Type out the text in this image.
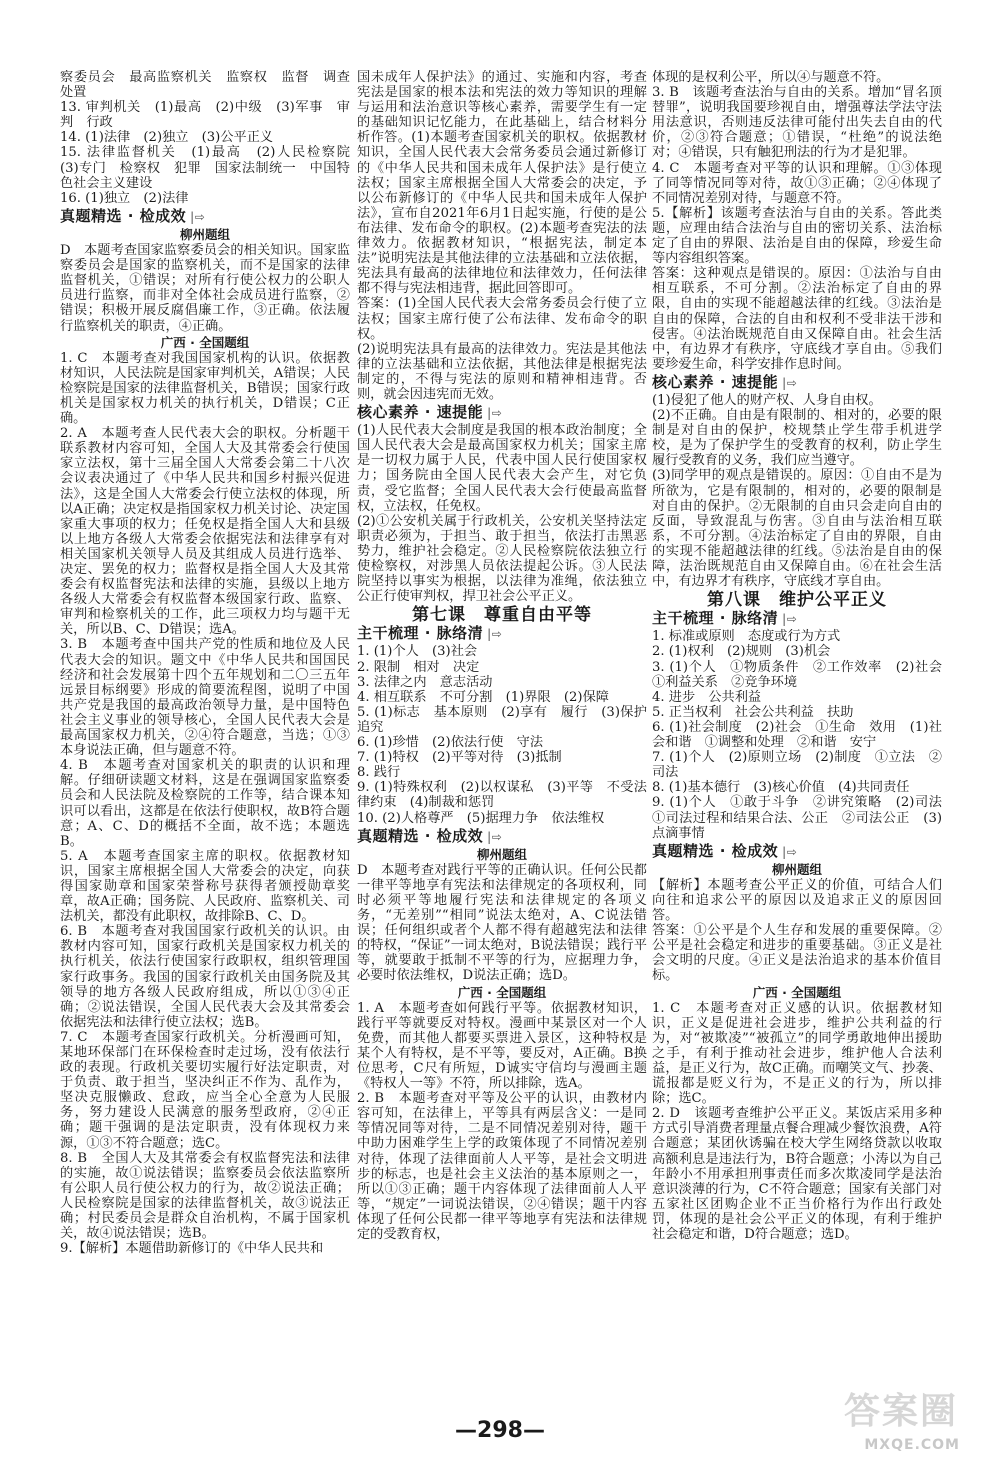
察委员会　最高监察机关　监察权　监督　调查　处置

13. 审判机关　(1)最高　(2)中级　(3)军事　审判　行政

14. (1)法律　(2)独立　(3)公平正义

15. 法律监督机关　(1)最高　(2)人民检察院　(3)专门　检察权　犯罪　国家法制统一　中国特色社会主义建设

16. (1)独立　(2)法律

真题精选 · 检成效 |⇨
柳州题组

D　本题考查国家监察委员会的相关知识。国家监察委员会是国家的监察机关，而不是国家的法律监督机关，①错误；对所有行使公权力的公职人员进行监察，而非对全体社会成员进行监察，②错误；积极开展反腐倡廉工作，③正确。依法履行监察机关的职责，④正确。

广西 · 全国题组

1. C　本题考查对我国国家机构的认识。依据教材知识，人民法院是国家审判机关，A错误；人民检察院是国家的法律监督机关，B错误；国家行政机关是国家权力机关的执行机关，D错误；C正确。

2. A　本题考查人民代表大会的职权。分析题干联系教材内容可知，全国人大及其常委会行使国家立法权，第十三届全国人大常委会第二十八次会议表决通过了《中华人民共和国乡村振兴促进法》，这是全国人大常委会行使立法权的体现，所以A正确；决定权是指国家权力机关讨论、决定国家重大事项的权力；任免权是指全国人大和县级以上地方各级人大常委会依据宪法和法律享有对相关国家机关领导人员及其组成人员进行选举、决定、罢免的权力；监督权是指全国人大及其常委会有权监督宪法和法律的实施，县级以上地方各级人大常委会有权监督本级国家行政、监察、审判和检察机关的工作，此三项权力均与题干无关，所以B、C、D错误；选A。

3. B　本题考查中国共产党的性质和地位及人民代表大会的知识。题文中《中华人民共和国国民经济和社会发展第十四个五年规划和二〇三五年远景目标纲要》形成的简要流程图，说明了中国共产党是我国的最高政治领导力量，是中国特色社会主义事业的领导核心，全国人民代表大会是最高国家权力机关，②④符合题意，当选；①③本身说法正确，但与题意不符。

4. B　本题考查对国家机关的职责的认识和理解。仔细研读题文材料，这是在强调国家监察委员会和人民法院及检察院的工作等，结合课本知识可以看出，这都是在依法行使职权，故B符合题意；A、C、D的概括不全面，故不选；本题选B。

5. A　本题考查国家主席的职权。依据教材知识，国家主席根据全国人大常委会的决定，向获得国家勋章和国家荣誉称号获得者颁授勋章奖章，故A正确；国务院、人民政府、监察机关、司法机关，都没有此职权，故排除B、C、D。

6. B　本题考查对我国国家行政机关的认识。由教材内容可知，国家行政机关是国家权力机关的执行机关，依法行使国家行政职权，组织管理国家行政事务。我国的国家行政机关由国务院及其领导的地方各级人民政府组成，所以①③④正确；②说法错误，全国人民代表大会及其常委会依据宪法和法律行使立法权；选B。

7. C　本题考查国家行政机关。分析漫画可知，某地环保部门在环保检查时走过场，没有依法行政的表现。行政机关要切实履行好法定职责，对于负责、敢于担当，坚决纠正不作为、乱作为，坚决克服懒政、怠政，应当全心全意为人民服务，努力建设人民满意的服务型政府，②④正确；题干强调的是法定职责，没有体现权力来源，①③不符合题意；选C。

8. B　全国人大及其常委会有权监督宪法和法律的实施，故①说法错误；监察委员会依法监察所有公职人员行使公权力的行为，故②说法正确；人民检察院是国家的法律监督机关，故③说法正确；村民委员会是群众自治机构，不属于国家机关，故④说法错误；选B。

9.【解析】本题借助新修订的《中华人民共和

国未成年人保护法》的通过、实施和内容，考查宪法是国家的根本法和宪法的效力等知识的理解与运用和法治意识等核心素养，需要学生有一定的基础知识记忆能力，在此基础上，结合材料分析作答。(1)本题考查国家机关的职权。依据教材知识，全国人民代表大会常务委员会通过新修订的《中华人民共和国未成年人保护法》是行使立法权；国家主席根据全国人大常委会的决定，予以公布新修订的《中华人民共和国未成年人保护法》，宣布自2021年6月1日起实施，行使的是公布法律、发布命令的职权。(2)本题考查宪法的法律效力。依据教材知识，“根据宪法，制定本法”说明宪法是其他法律的立法基础和立法依据，宪法具有最高的法律地位和法律效力，任何法律都不得与宪法相违背，据此回答即可。

答案：(1)全国人民代表大会常务委员会行使了立法权；国家主席行使了公布法律、发布命令的职权。

(2)说明宪法具有最高的法律效力。宪法是其他法律的立法基础和立法依据，其他法律是根据宪法制定的，不得与宪法的原则和精神相违背。否则，就会因违宪而无效。

核心素养 · 速提能 |⇨

(1)人民代表大会制度是我国的根本政治制度；全国人民代表大会是最高国家权力机关；国家主席是一切权力属于人民，代表中国人民行使国家权力；国务院由全国人民代表大会产生，对它负责，受它监督；全国人民代表大会行使最高监督权，立法权，任免权。

(2)①公安机关属于行政机关，公安机关坚持法定职责必须为，于担当、敢于担当，依法打击黑恶势力，维护社会稳定。②人民检察院依法独立行使检察权，对涉黑人员依法提起公诉。③人民法院坚持以事实为根据，以法律为准绳，依法独立公正行使审判权，捍卫社会公平正义。

第七课　尊重自由平等
主干梳理 · 脉络清 |⇨

1. (1)个人　(3)社会

2. 限制　相对　决定

3. 法律之内　意志活动

4. 相互联系　不可分割　(1)界限　(2)保障

5. (1)标志　基本原则　(2)享有　履行　(3)保护　追究

6. (1)珍惜　(2)依法行使　守法

7. (1)特权　(2)平等对待　(3)抵制

8. 践行

9. (1)特殊权利　(2)以权谋私　(3)平等　不受法律约束　(4)制裁和惩罚

10. (2)人格尊严　(5)据理力争　依法维权

真题精选 · 检成效 |⇨
柳州题组

D　本题考查对践行平等的正确认识。任何公民都一律平等地享有宪法和法律规定的各项权利，同时必须平等地履行宪法和法律规定的各项义务，“无差别”“相同”说法太绝对，A、C说法错误；任何组织或者个人都不得有超越宪法和法律的特权，“保证”一词太绝对，B说法错误；践行平等，就要敢于抵制不平等的行为，应据理力争，必要时依法维权，D说法正确；选D。

广西 · 全国题组

1. A　本题考查如何践行平等。依据教材知识，践行平等就要反对特权。漫画中某景区对一个人免费，而其他人都要买票进入景区，这种特权是某个人有特权，是不平等，要反对，A正确。B换位思考，C尺有所短，D诚实守信均与漫画主题《特权人一等》不符，所以排除，选A。

2. B　本题考查对平等及公平的认识，由教材内容可知，在法律上，平等具有两层含义：一是同等情况同等对待，二是不同情况差别对待，题干中助力困难学生上学的政策体现了不同情况差别对待，体现了法律面前人人平等，是社会文明进步的标志，也是社会主义法治的基本原则之一，所以①③正确；题干内容体现了法律面前人人平等，“规定”一词说法错误，②④错误；题干内容体现了任何公民都一律平等地享有宪法和法律规定的受教育权，

体现的是权利公平，所以④与题意不符。

3. B　该题考查法治与自由的关系。增加“冒名顶替罪”，说明我国要珍视自由，增强尊法学法守法用法意识，否则违反法律可能付出失去自由的代价，②③符合题意；①错误，“杜绝”的说法绝对；④错误，只有触犯刑法的行为才是犯罪。

4. C　本题考查对平等的认识和理解。①③体现了同等情况同等对待，故①③正确；②④体现了不同情况差别对待，与题意不符。

5.【解析】该题考查法治与自由的关系。答此类题，应理由结合法治与自由的密切关系、法治标定了自由的界限、法治是自由的保障，珍爱生命等内容组织答案。

答案：这种观点是错误的。原因：①法治与自由相互联系，不可分割。②法治标定了自由的界限，自由的实现不能超越法律的红线。③法治是自由的保障，合法的自由和权利不受非法干涉和侵害。④法治既规范自由又保障自由。社会生活中，有边界才有秩序，守底线才享自由。⑤我们要珍爱生命，科学安排作息时间。

核心素养 · 速提能 |⇨

(1)侵犯了他人的财产权、人身自由权。

(2)不正确。自由是有限制的、相对的，必要的限制是对自由的保护，校规禁止学生带手机进学校，是为了保护学生的受教育的权利，防止学生履行受教育的义务，我们应当遵守。

(3)同学甲的观点是错误的。原因：①自由不是为所欲为，它是有限制的，相对的，必要的限制是对自由的保护。②无限制的自由只会走向自由的反面，导致混乱与伤害。③自由与法治相互联系，不可分割。④法治标定了自由的界限，自由的实现不能超越法律的红线。⑤法治是自由的保障，法治既规范自由又保障自由。⑥在社会生活中，有边界才有秩序，守底线才享自由。

第八课　维护公平正义
主干梳理 · 脉络清 |⇨

1. 标准或原则　态度或行为方式

2. (1)权利　(2)规则　(3)机会

3. (1)个人　①物质条件　②工作效率　(2)社会　①利益关系　②竞争环境

4. 进步　公共利益

5. 正当权利　社会公共利益　扶助

6. (1)社会制度　(2)社会　①生命　效用　(1)社会和谐　①调整和处理　②和谐　安宁

7. (1)个人　(2)原则立场　(2)制度　①立法　②司法

8. (1)基本德行　(3)核心价值　(4)共同责任

9. (1)个人　①敢于斗争　②讲究策略　(2)司法　①司法过程和结果合法、公正　②司法公正　(3)点滴事情

真题精选 · 检成效 |⇨
柳州题组

【解析】本题考查公平正义的价值，可结合人们向往和追求公平的原因以及追求正义的原因回答。

答案：①公平是个人生存和发展的重要保障。②公平是社会稳定和进步的重要基础。③正义是社会文明的尺度。④正义是法治追求的基本价值目标。

广西 · 全国题组

1. C　本题考查对正义感的认识。依据教材知识，正义是促进社会进步，维护公共利益的行为，对“被欺凌”“被孤立”的同学勇敢地伸出援助之手，有利于推动社会进步，维护他人合法利益，是正义行为，故C正确。而嘲笑文气、抄袭、谎报都是贬义行为，不是正义的行为，所以排除；选C。

2. D　该题考查维护公平正义。某饭店采用多种方式引导消费者理量点餐合理减少餐饮浪费，A符合题意；某团伙诱骗在校大学生网络贷款以收取高额利息是违法行为，B符合题意；小涛以为自己年龄小不用承担刑事责任而多次欺凌同学是法治意识淡薄的行为，C不符合题意；国家有关部门对五家社区团购企业不正当价格行为作出行政处罚，体现的是社会公平正义的体现，有利于维护社会稳定和谐，D符合题意；选D。

—298—	答案圈
MXQE.COM
